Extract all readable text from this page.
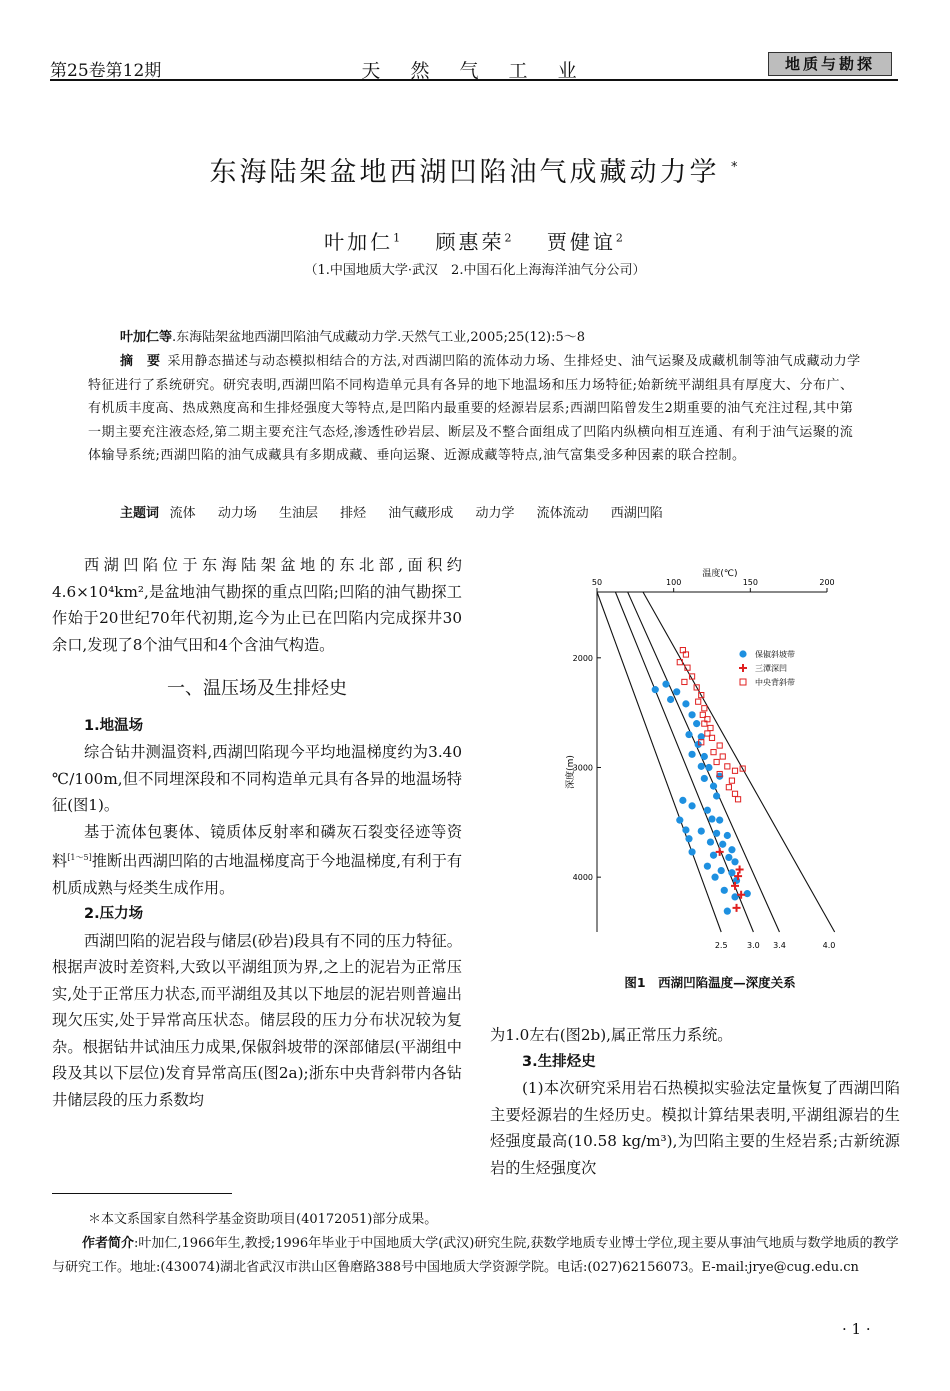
第25卷第12期	天 然 气 工 业	地质与勘探
东海陆架盆地西湖凹陷油气成藏动力学 *
叶加仁$^1$  顾惠荣$^2$  贾健谊$^2$
（1.中国地质大学·武汉　2.中国石化上海海洋油气分公司）
叶加仁等.东海陆架盆地西湖凹陷油气成藏动力学.天然气工业,2005;25(12):5～8

摘　要  采用静态描述与动态模拟相结合的方法,对西湖凹陷的流体动力场、生排烃史、油气运聚及成藏机制等油气成藏动力学特征进行了系统研究。研究表明,西湖凹陷不同构造单元具有各异的地下地温场和压力场特征;始新统平湖组具有厚度大、分布广、有机质丰度高、热成熟度高和生排烃强度大等特点,是凹陷内最重要的烃源岩层系;西湖凹陷曾发生2期重要的油气充注过程,其中第一期主要充注液态烃,第二期主要充注气态烃,渗透性砂岩层、断层及不整合面组成了凹陷内纵横向相互连通、有利于油气运聚的流体输导系统;西湖凹陷的油气成藏具有多期成藏、垂向运聚、近源成藏等特点,油气富集受多种因素的联合控制。

主题词  流体 动力场 生油层 排烃 油气藏形成 动力学 流体流动 西湖凹陷

西湖凹陷位于东海陆架盆地的东北部,面积约4.6×10⁴km²,是盆地油气勘探的重点凹陷;凹陷的油气勘探工作始于20世纪70年代初期,迄今为止已在凹陷内完成探井30余口,发现了8个油气田和4个含油气构造。

一、温压场及生排烃史
1.地温场

综合钻井测温资料,西湖凹陷现今平均地温梯度约为3.40 ℃/100m,但不同埋深段和不同构造单元具有各异的地温场特征(图1)。

基于流体包裹体、镜质体反射率和磷灰石裂变径迹等资料[1～5]推断出西湖凹陷的古地温梯度高于今地温梯度,有利于有机质成熟与烃类生成作用。

2.压力场

西湖凹陷的泥岩段与储层(砂岩)段具有不同的压力特征。根据声波时差资料,大致以平湖组顶为界,之上的泥岩为正常压实,处于正常压力状态,而平湖组及其以下地层的泥岩则普遍出现欠压实,处于异常高压状态。储层段的压力分布状况较为复杂。根据钻井试油压力成果,保俶斜坡带的深部储层(平湖组中段及其以下层位)发育异常高压(图2a);浙东中央背斜带内各钻井储层段的压力系数均

温度(℃)
深度(m)
50	100	150	200
2000
3000
4000
2.5 3.0 3.4	4.0
保俶斜坡带
三潭深凹
中央背斜带
图1　西湖凹陷温度—深度关系

为1.0左右(图2b),属正常压力系统。

3.生排烃史

(1)本次研究采用岩石热模拟实验法定量恢复了西湖凹陷主要烃源岩的生烃历史。模拟计算结果表明,平湖组源岩的生烃强度最高(10.58 kg/m³),为凹陷主要的生烃岩系;古新统源岩的生烃强度次

＊本文系国家自然科学基金资助项目(40172051)部分成果。

作者简介:叶加仁,1966年生,教授;1996年毕业于中国地质大学(武汉)研究生院,获数学地质专业博士学位,现主要从事油气地质与数学地质的教学与研究工作。地址:(430074)湖北省武汉市洪山区鲁磨路388号中国地质大学资源学院。电话:(027)62156073。E-mail:jrye@cug.edu.cn

· 1 ·
